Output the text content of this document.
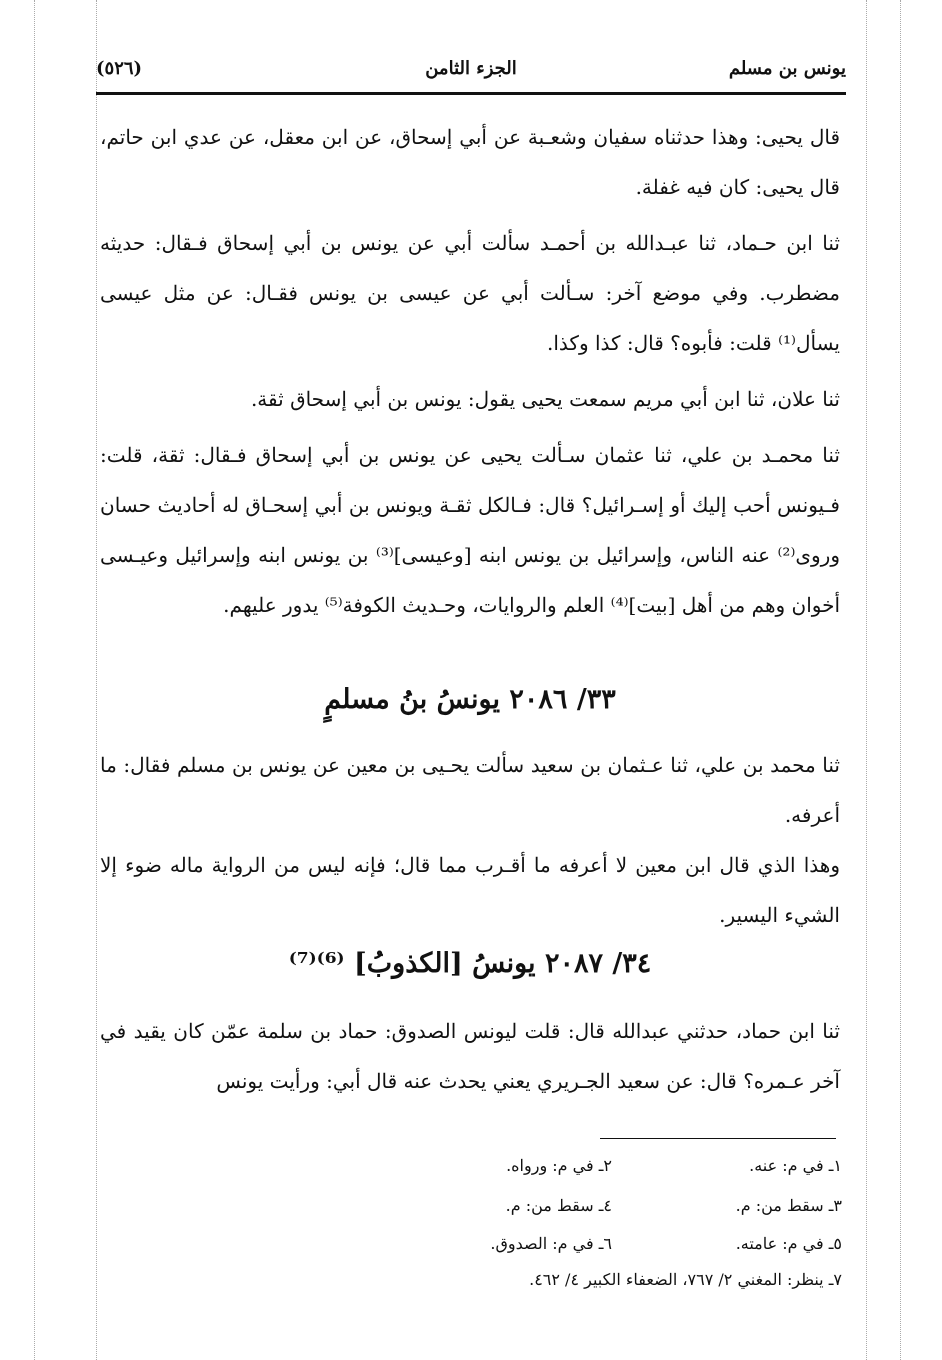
(٥٢٦)	الجزء الثامن	يونس بن مسلم
قال يحيى: وهذا حدثناه سفيان وشعـبة عن أبي إسحاق، عن ابن معقل، عن عدي ابن حاتم، قال يحيى: كان فيه غفلة.
ثنا ابن حـماد، ثنا عبـدالله بن أحمـد سألت أبي عن يونس بن أبي إسحاق فـقال: حديثه مضطرب. وفي موضع آخر: سـألت أبي عن عيسى بن يونس فقـال: عن مثل عيسى يسأل⁽¹⁾ قلت: فأبوه؟ قال: كذا وكذا.
ثنا علان، ثنا ابن أبي مريم سمعت يحيى يقول: يونس بن أبي إسحاق ثقة.
ثنا محمـد بن علي، ثنا عثمان سـألت يحيى عن يونس بن أبي إسحاق فـقال: ثقة، قلت: فـيونس أحب إليك أو إسـرائيل؟ قال: فـالكل ثقـة ويونس بن أبي إسحـاق له أحاديث حسان وروى⁽²⁾ عنه الناس، وإسرائيل بن يونس ابنه [وعيسى]⁽³⁾ بن يونس ابنه وإسرائيل وعيـسى أخوان وهم من أهل [بيت]⁽⁴⁾ العلم والروايات، وحـديث الكوفة⁽⁵⁾ يدور عليهم.
٣٣/ ٢٠٨٦ يونسُ بنُ مسلمٍ
ثنا محمد بن علي، ثنا عـثمان بن سعيد سألت يحـيى بن معين عن يونس بن مسلم فقال: ما أعرفه.
وهذا الذي قال ابن معين لا أعرفه ما أقـرب مما قال؛ فإنه ليس من الرواية ماله ضوء إلا الشيء اليسير.
٣٤/ ٢٠٨٧ يونسُ [الكذوبُ] ⁽⁶⁾⁽⁷⁾
ثنا ابن حماد، حدثني عبدالله قال: قلت ليونس الصدوق: حماد بن سلمة عمّن كان يقيد في آخر عـمره؟ قال: عن سعيد الجـريري يعني يحدث عنه قال أبي: ورأيت يونس
١ـ في م: عنه.
٢ـ في م: ورواه.
٣ـ سقط من: م.
٤ـ سقط من: م.
٥ـ في م: عامته.
٦ـ في م: الصدوق.
٧ـ ينظر: المغني ٢/ ٧٦٧، الضعفاء الكبير ٤/ ٤٦٢.
